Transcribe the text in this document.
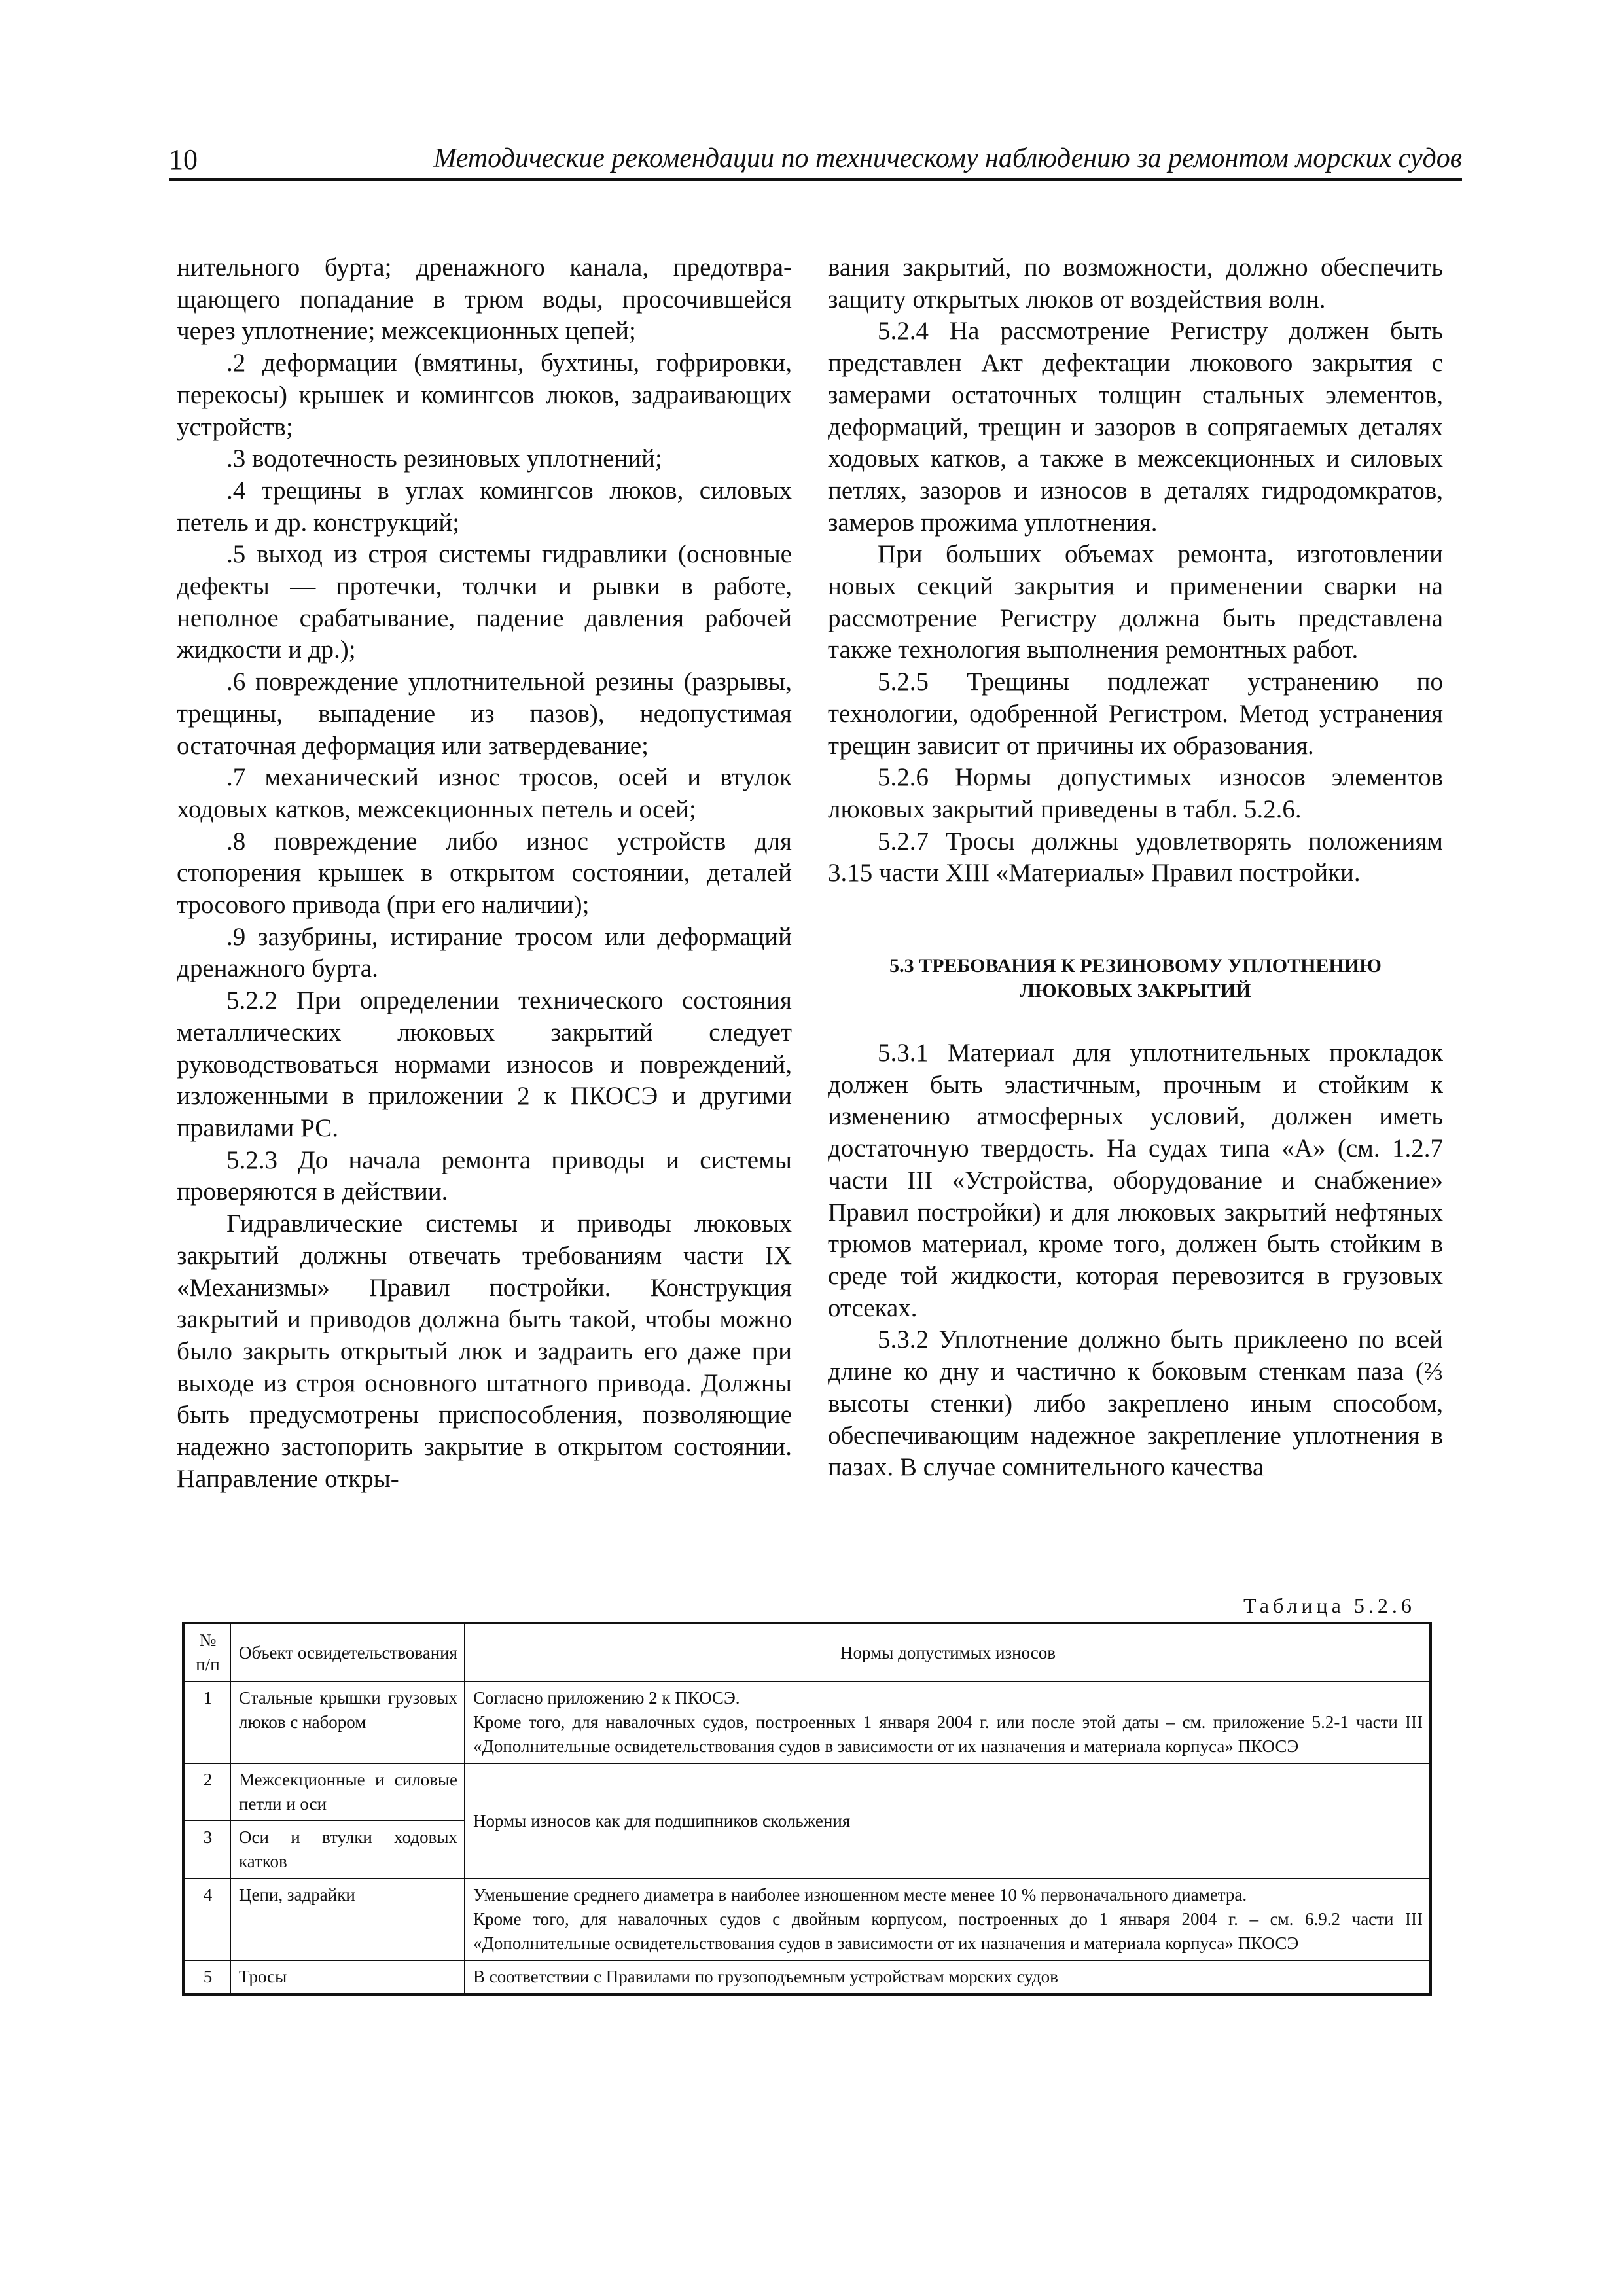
10	Методические рекомендации по техническому наблюдению за ремонтом морских судов

нительного бурта; дренажного канала, предотвра-щающего попадание в трюм воды, просочившейся через уплотнение; межсекционных цепей;

.2 деформации (вмятины, бухтины, гофрировки, перекосы) крышек и комингсов люков, задраивающих устройств;

.3 водотечность резиновых уплотнений;

.4 трещины в углах комингсов люков, силовых петель и др. конструкций;

.5 выход из строя системы гидравлики (основные дефекты — протечки, толчки и рывки в работе, неполное срабатывание, падение давления рабочей жидкости и др.);

.6 повреждение уплотнительной резины (разрывы, трещины, выпадение из пазов), недопустимая остаточная деформация или затвердевание;

.7 механический износ тросов, осей и втулок ходовых катков, межсекционных петель и осей;

.8 повреждение либо износ устройств для стопорения крышек в открытом состоянии, деталей тросового привода (при его наличии);

.9 зазубрины, истирание тросом или деформаций дренажного бурта.

5.2.2 При определении технического состояния металлических люковых закрытий следует руководствоваться нормами износов и повреждений, изложенными в приложении 2 к ПКОСЭ и другими правилами РС.

5.2.3 До начала ремонта приводы и системы проверяются в действии.

Гидравлические системы и приводы люковых закрытий должны отвечать требованиям части IX «Механизмы» Правил постройки. Конструкция закрытий и приводов должна быть такой, чтобы можно было закрыть открытый люк и задраить его даже при выходе из строя основного штатного привода. Должны быть предусмотрены приспособления, позволяющие надежно застопорить закрытие в открытом состоянии. Направление откры-

вания закрытий, по возможности, должно обеспечить защиту открытых люков от воздействия волн.

5.2.4 На рассмотрение Регистру должен быть представлен Акт дефектации люкового закрытия с замерами остаточных толщин стальных элементов, деформаций, трещин и зазоров в сопрягаемых деталях ходовых катков, а также в межсекционных и силовых петлях, зазоров и износов в деталях гидродомкратов, замеров прожима уплотнения.

При больших объемах ремонта, изготовлении новых секций закрытия и применении сварки на рассмотрение Регистру должна быть представлена также технология выполнения ремонтных работ.

5.2.5 Трещины подлежат устранению по технологии, одобренной Регистром. Метод устранения трещин зависит от причины их образования.

5.2.6 Нормы допустимых износов элементов люковых закрытий приведены в табл. 5.2.6.

5.2.7 Тросы должны удовлетворять положениям 3.15 части XIII «Материалы» Правил постройки.

5.3 ТРЕБОВАНИЯ К РЕЗИНОВОМУ УПЛОТНЕНИЮ
ЛЮКОВЫХ ЗАКРЫТИЙ

5.3.1 Материал для уплотнительных прокладок должен быть эластичным, прочным и стойким к изменению атмосферных условий, должен иметь достаточную твердость. На судах типа «А» (см. 1.2.7 части III «Устройства, оборудование и снабжение» Правил постройки) и для люковых закрытий нефтяных трюмов материал, кроме того, должен быть стойким в среде той жидкости, которая перевозится в грузовых отсеках.

5.3.2 Уплотнение должно быть приклеено по всей длине ко дну и частично к боковым стенкам паза (⅔ высоты стенки) либо закреплено иным способом, обеспечивающим надежное закрепление уплотнения в пазах. В случае сомнительного качества

Таблица 5.2.6
№ п/п	Объект освидетельствования	Нормы допустимых износов
1	Стальные крышки грузовых люков с набором	Согласно приложению 2 к ПКОСЭ.
Кроме того, для навалочных судов, построенных 1 января 2004 г. или после этой даты – см. приложение 5.2-1 части III «Дополнительные освидетельствования судов в зависимости от их назначения и материала корпуса» ПКОСЭ

2	Межсекционные и силовые петли и оси	Нормы износов как для подшипников скольжения
3	Оси и втулки ходовых катков	
4	Цепи, задрайки	Уменьшение среднего диаметра в наиболее изношенном месте менее 10 % первоначального диаметра.
Кроме того, для навалочных судов с двойным корпусом, построенных до 1 января 2004 г. – см. 6.9.2 части III «Дополнительные освидетельствования судов в зависимости от их назначения и материала корпуса» ПКОСЭ

5	Тросы	В соответствии с Правилами по грузоподъемным устройствам морских судов
